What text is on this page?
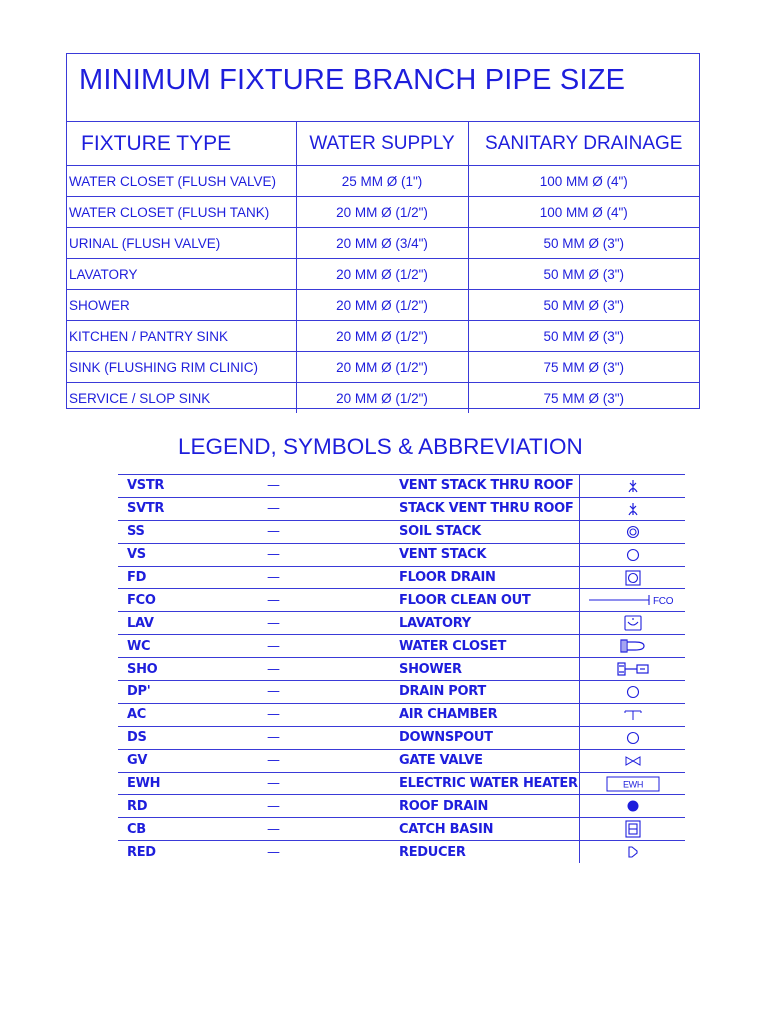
MINIMUM FIXTURE BRANCH PIPE SIZE
FIXTURE TYPE	WATER SUPPLY	SANITARY DRAINAGE
WATER CLOSET (FLUSH VALVE)	25 MM Ø (1")	100 MM Ø (4")
WATER CLOSET (FLUSH TANK)	20 MM Ø (1/2")	100 MM Ø (4")
URINAL (FLUSH VALVE)	20 MM Ø (3/4")	50 MM Ø (3")
LAVATORY	20 MM Ø (1/2")	50 MM Ø (3")
SHOWER	20 MM Ø (1/2")	50 MM Ø (3")
KITCHEN / PANTRY SINK	20 MM Ø (1/2")	50 MM Ø (3")
SINK (FLUSHING RIM CLINIC)	20 MM Ø (1/2")	75 MM Ø (3")
SERVICE / SLOP SINK	20 MM Ø (1/2")	75 MM Ø (3")
LEGEND, SYMBOLS & ABBREVIATION
VSTR	—	VENT STACK THRU ROOF	

SVTR	—	STACK VENT THRU ROOF	

SS	—	SOIL STACK	

VS	—	VENT STACK	

FD	—	FLOOR DRAIN	

FCO	—	FLOOR CLEAN OUT	FCO

LAV	—	LAVATORY	

WC	—	WATER CLOSET	

SHO	—	SHOWER	

DP'	—	DRAIN PORT	

AC	—	AIR CHAMBER	

DS	—	DOWNSPOUT	

GV	—	GATE VALVE	

EWH	—	ELECTRIC WATER HEATER	EWH

RD	—	ROOF DRAIN	

CB	—	CATCH BASIN	

RED	—	REDUCER	
